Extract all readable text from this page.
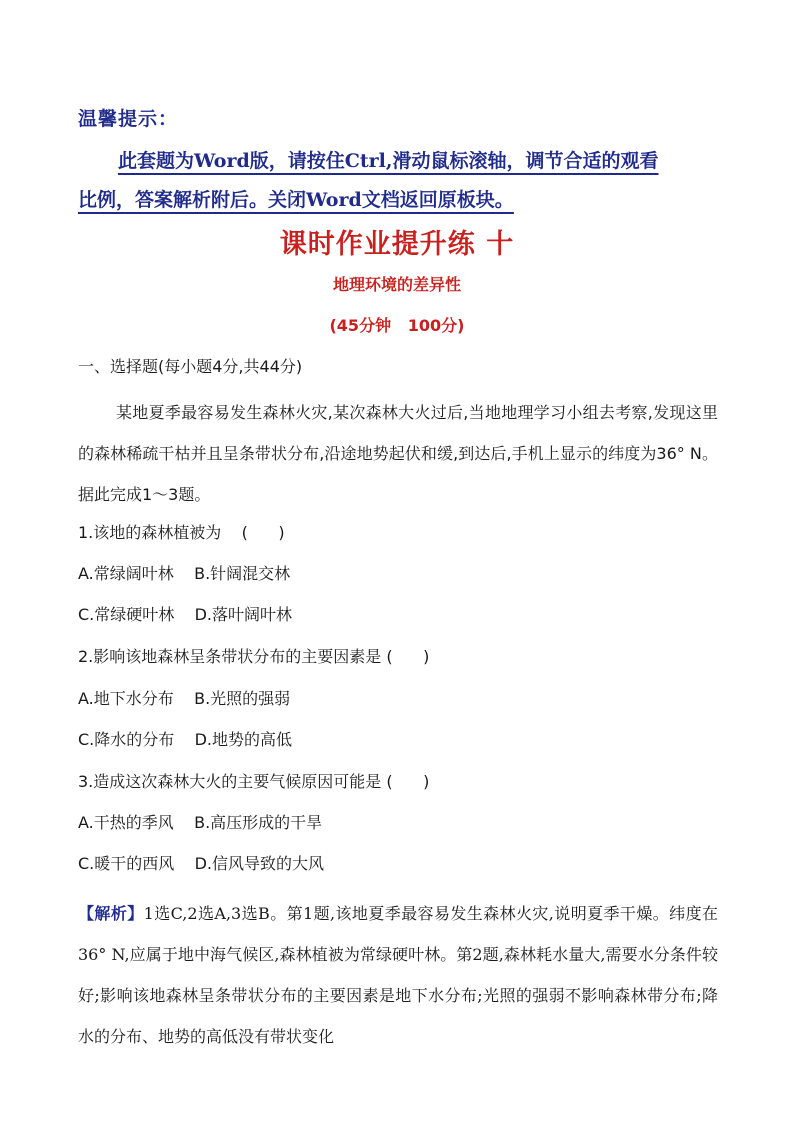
温馨提示：
此套题为Word版，请按住Ctrl,滑动鼠标滚轴，调节合适的观看
比例，答案解析附后。关闭Word文档返回原板块。
课时作业提升练 十
地理环境的差异性
(45分钟   100分)
一、选择题(每小题4分,共44分)
某地夏季最容易发生森林火灾,某次森林大火过后,当地地理学习小组去考察,发现这里的森林稀疏干枯并且呈条带状分布,沿途地势起伏和缓,到达后,手机上显示的纬度为36° N。据此完成1～3题。
1.该地的森林植被为    (      )
A.常绿阔叶林    B.针阔混交林
C.常绿硬叶林    D.落叶阔叶林
2.影响该地森林呈条带状分布的主要因素是 (      )
A.地下水分布    B.光照的强弱
C.降水的分布    D.地势的高低
3.造成这次森林大火的主要气候原因可能是 (      )
A.干热的季风    B.高压形成的干旱
C.暖干的西风    D.信风导致的大风
【解析】1选C,2选A,3选B。第1题,该地夏季最容易发生森林火灾,说明夏季干燥。纬度在36° N,应属于地中海气候区,森林植被为常绿硬叶林。第2题,森林耗水量大,需要水分条件较好;影响该地森林呈条带状分布的主要因素是地下水分布;光照的强弱不影响森林带分布;降水的分布、地势的高低没有带状变化
